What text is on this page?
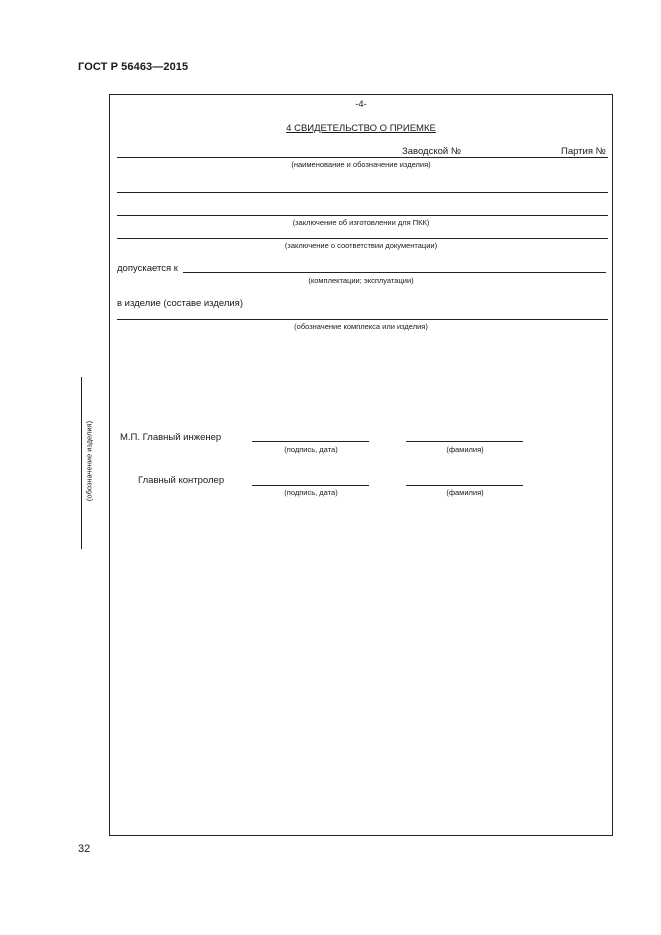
ГОСТ Р 56463—2015
(обозначение изделия)
-4-
4 СВИДЕТЕЛЬСТВО О ПРИЕМКЕ
Заводской №	Партия №
(наименование и обозначение изделия)
(заключение об изготовлении для ПКК)
(заключение о соответствии документации)
допускается к
(комплектации; эксплуатации)
в изделие (составе изделия)
(обозначение комплекса или изделия)
М.П. Главный инженер
(подпись, дата)	(фамилия)
Главный контролер
(подпись, дата)	(фамилия)
32
